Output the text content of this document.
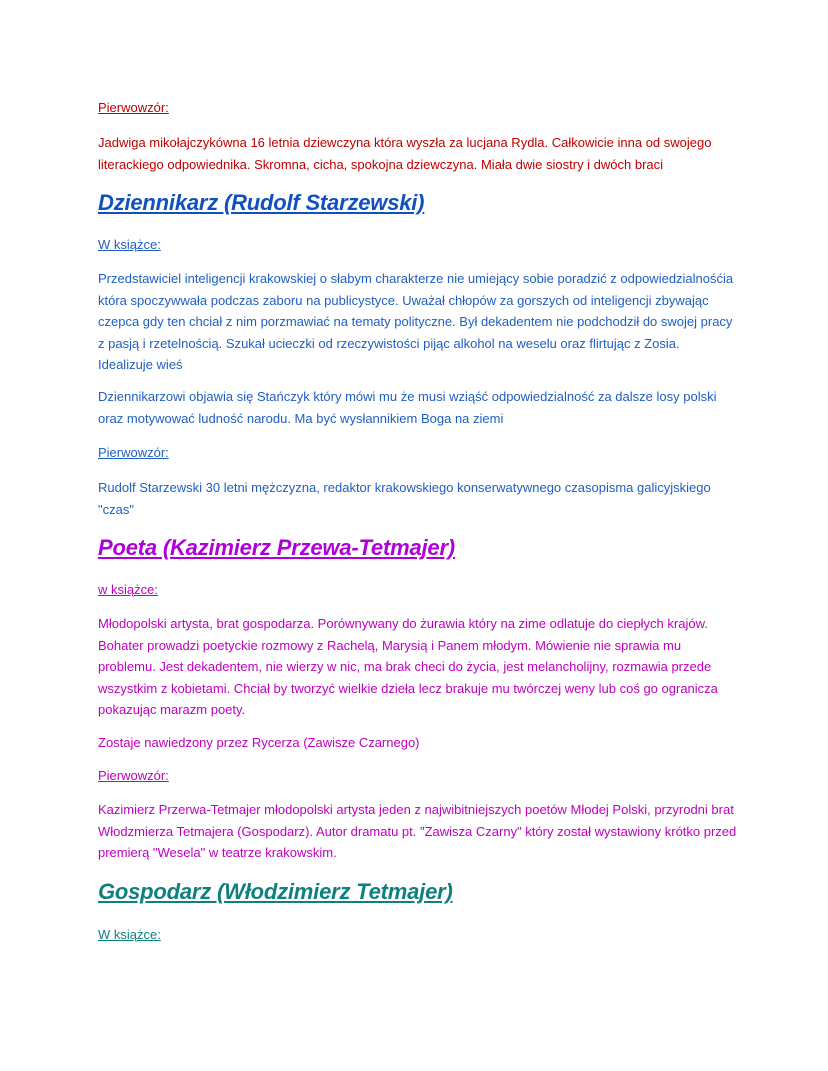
Pierwowzór:

Jadwiga mikołajczykówna 16 letnia dziewczyna która wyszła za lucjana Rydla. Całkowicie inna od swojego literackiego odpowiednika. Skromna, cicha, spokojna dziewczyna. Miała dwie siostry i dwóch braci

Dziennikarz (Rudolf Starzewski)

W książce:

Przedstawiciel inteligencji krakowskiej o słabym charakterze nie umiejący sobie poradzić z odpowiedzialnośćia która spoczywwała podczas zaboru na publicystyce. Uważał chłopów za gorszych od inteligencji zbywając czepca gdy ten chciał z nim porzmawiać na tematy polityczne. Był dekadentem nie podchodził do swojej pracy z pasją i rzetelnością. Szukał ucieczki od rzeczywistości pijąc alkohol na weselu oraz flirtując z Zosia. Idealizuje wieś

Dziennikarzowi objawia się Stańczyk który mówi mu że musi wziąść odpowiedzialność za dalsze losy polski oraz motywować ludność narodu. Ma być wysłannikiem Boga na ziemi

Pierwowzór:

Rudolf Starzewski 30 letni mężczyzna, redaktor krakowskiego konserwatywnego czasopisma galicyjskiego "czas"

Poeta (Kazimierz Przewa-Tetmajer)

w książce:

Młodopolski artysta, brat gospodarza. Porównywany do żurawia który na zime odlatuje do ciepłych krajów. Bohater prowadzi poetyckie rozmowy z Rachelą, Marysią i Panem młodym. Mówienie nie sprawia mu problemu. Jest dekadentem, nie wierzy w nic, ma brak checi do życia, jest melancholijny, rozmawia przede wszystkim z kobietami. Chciał by tworzyć wielkie dzieła lecz brakuje mu twórczej weny lub coś go ogranicza pokazując marazm poety.

Zostaje nawiedzony przez Rycerza (Zawisze Czarnego)

Pierwowzór:

Kazimierz Przerwa-Tetmajer młodopolski artysta jeden z najwibitniejszych poetów Młodej Polski, przyrodni brat Włodzmierza Tetmajera (Gospodarz). Autor dramatu pt. "Zawisza Czarny" który został wystawiony krótko przed premierą "Wesela" w teatrze krakowskim.

Gospodarz (Włodzimierz Tetmajer)

W książce:
